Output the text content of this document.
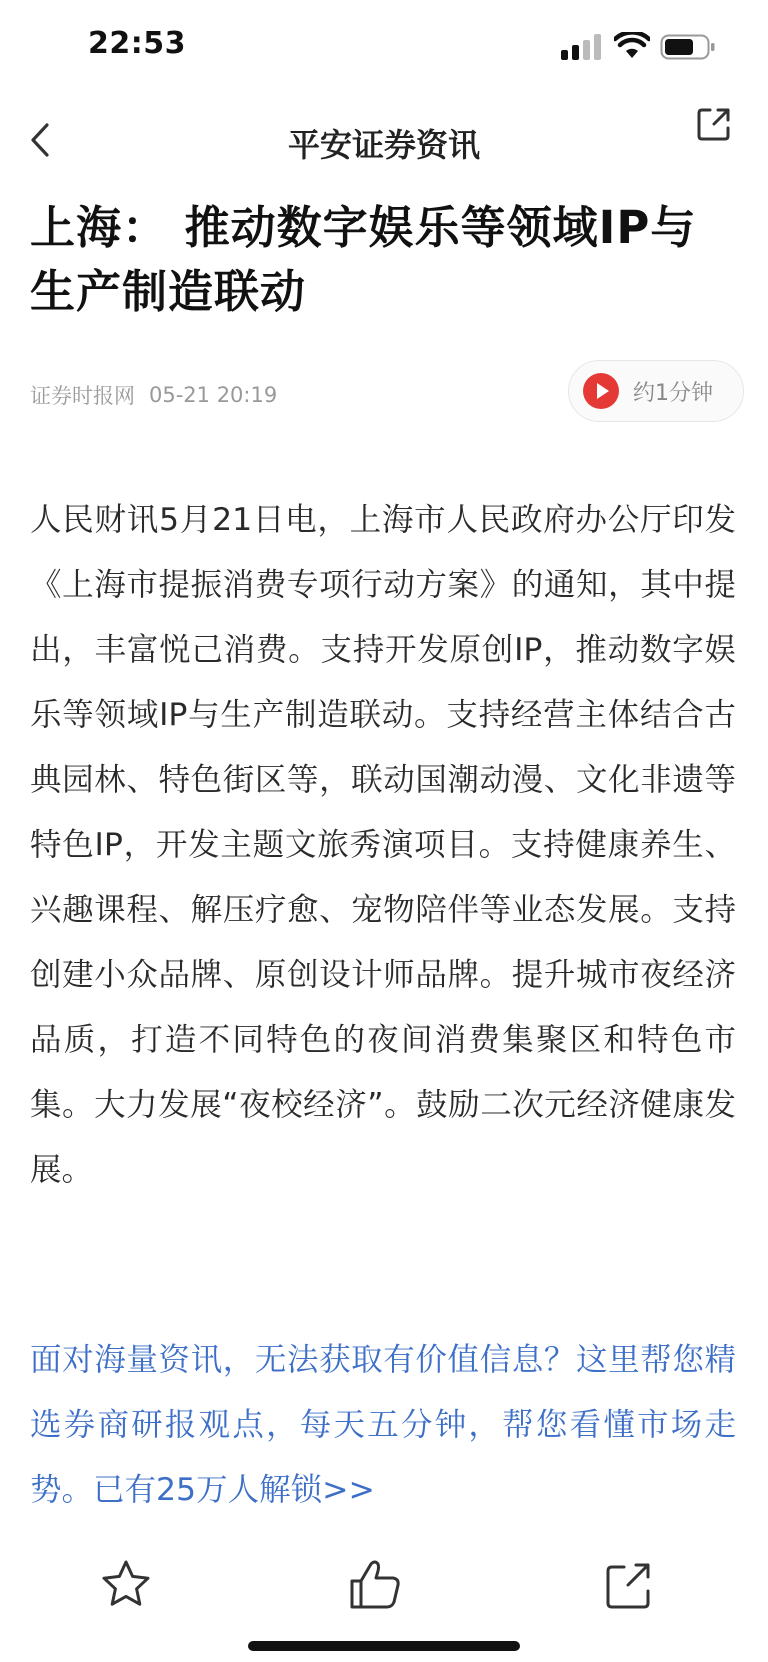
22:53
平安证券资讯
上海： 推动数字娱乐等领域IP与生产制造联动
证券时报网 05-21 20:19	约1分钟

人民财讯5月21日电，上海市人民政府办公厅印发《上海市提振消费专项行动方案》的通知，其中提出，丰富悦己消费。支持开发原创IP，推动数字娱乐等领域IP与生产制造联动。支持经营主体结合古典园林、特色街区等，联动国潮动漫、文化非遗等特色IP，开发主题文旅秀演项目。支持健康养生、兴趣课程、解压疗愈、宠物陪伴等业态发展。支持创建小众品牌、原创设计师品牌。提升城市夜经济品质，打造不同特色的夜间消费集聚区和特色市集。大力发展“夜校经济”。鼓励二次元经济健康发展。

面对海量资讯，无法获取有价值信息？这里帮您精选券商研报观点，每天五分钟，帮您看懂市场走势。已有25万人解锁>>
